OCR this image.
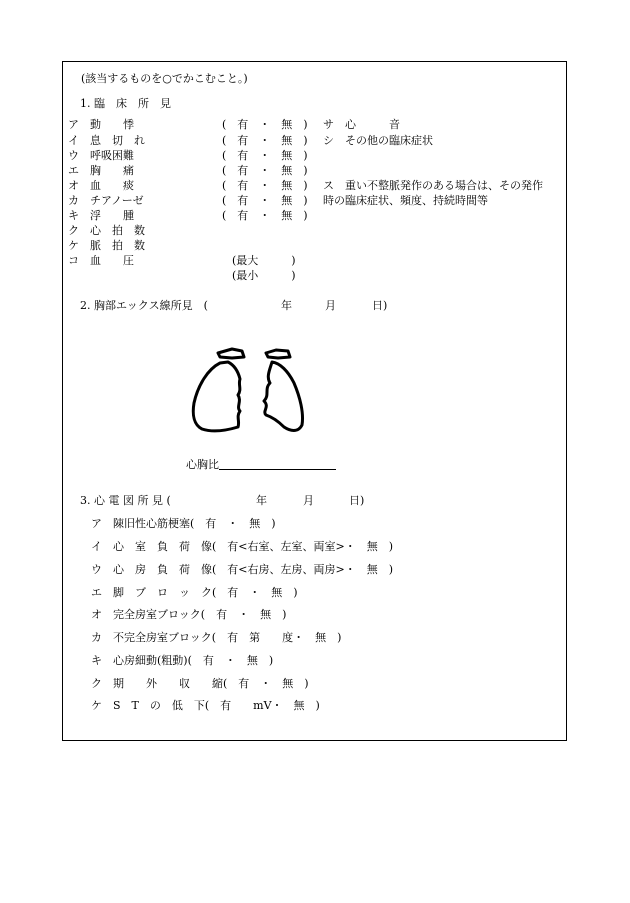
(該当するものを○でかこむこと。)
1. 臨　床　所　見
ア　動　　悸	(　有　・　無　)
イ　息　切　れ	(　有　・　無　)
ウ　呼吸困難	(　有　・　無　)
エ　胸　　痛	(　有　・　無　)
オ　血　　痰	(　有　・　無　)
カ　チアノーゼ	(　有　・　無　)
キ　浮　　腫	(　有　・　無　)
ク　心　拍　数
ケ　脈　拍　数
コ　血　　圧	(最大　　　)
(最小　　　)
サ　心　　　音
シ　その他の臨床症状
ス　重い不整脈発作のある場合は、その発作
時の臨床症状、頻度、持続時間等
2. 胸部エックス線所見　(	年	月	日)
心胸比
3. 心 電 図 所 見 (	年	月	日)
ア　陳旧性心筋梗塞(　有　・　無　)
イ　心　室　負　荷　像(　有<右室、左室、両室>・　無　)
ウ　心　房　負　荷　像(　有<右房、左房、両房>・　無　)
エ　脚　ブ　ロ　ッ　ク(　有　・　無　)
オ　完全房室ブロック(　有　・　無　)
カ　不完全房室ブロック(　有　第　　度・　無　)
キ　心房細動(粗動)(　有　・　無　)
ク　期　　外　　収　　縮(　有　・　無　)
ケ　S　T　の　低　下(　有　　mV・　無　)
